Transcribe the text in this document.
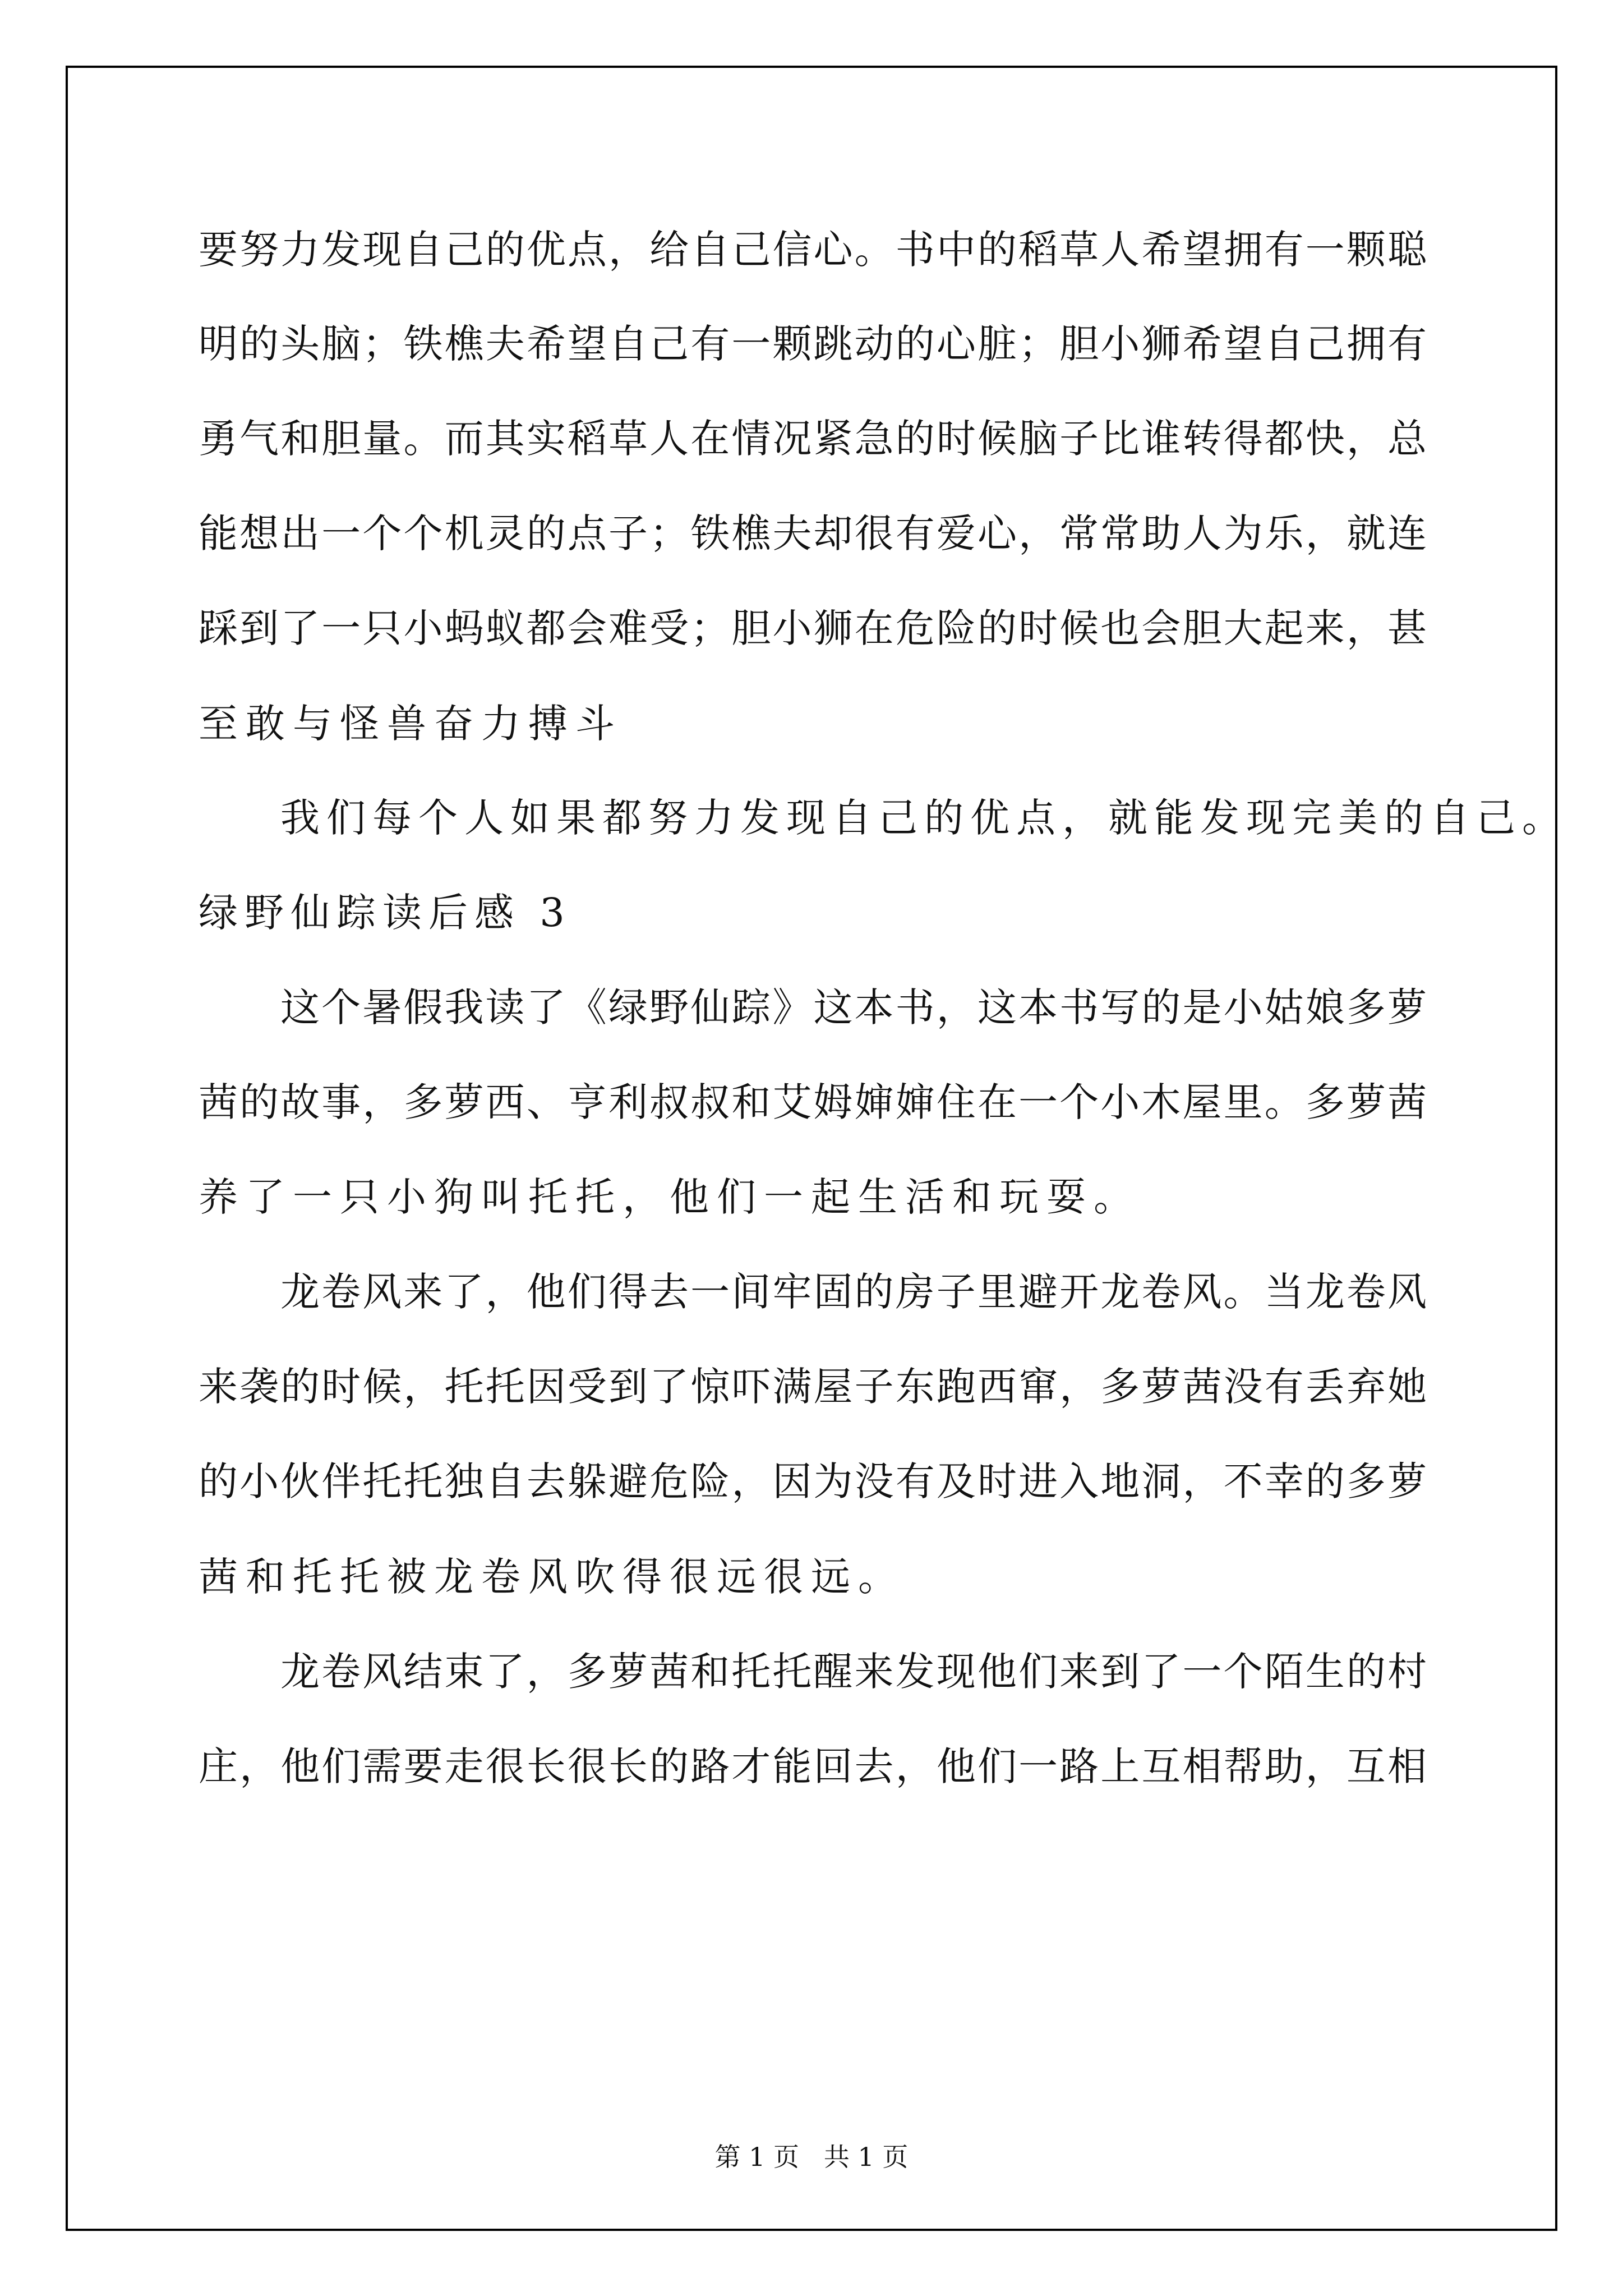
要努力发现自己的优点，给自己信心。书中的稻草人希望拥有一颗聪
明的头脑；铁樵夫希望自己有一颗跳动的心脏；胆小狮希望自己拥有
勇气和胆量。而其实稻草人在情况紧急的时候脑子比谁转得都快，总
能想出一个个机灵的点子；铁樵夫却很有爱心，常常助人为乐，就连
踩到了一只小蚂蚁都会难受；胆小狮在危险的时候也会胆大起来，甚
至敢与怪兽奋力搏斗
我们每个人如果都努力发现自己的优点，就能发现完美的自己。
绿野仙踪读后感 3
这个暑假我读了《绿野仙踪》这本书，这本书写的是小姑娘多萝
茜的故事，多萝西、亨利叔叔和艾姆婶婶住在一个小木屋里。多萝茜
养了一只小狗叫托托，他们一起生活和玩耍。
龙卷风来了，他们得去一间牢固的房子里避开龙卷风。当龙卷风
来袭的时候，托托因受到了惊吓满屋子东跑西窜，多萝茜没有丢弃她
的小伙伴托托独自去躲避危险，因为没有及时进入地洞，不幸的多萝
茜和托托被龙卷风吹得很远很远。
龙卷风结束了，多萝茜和托托醒来发现他们来到了一个陌生的村
庄，他们需要走很长很长的路才能回去，他们一路上互相帮助，互相
第 1 页   共 1 页
